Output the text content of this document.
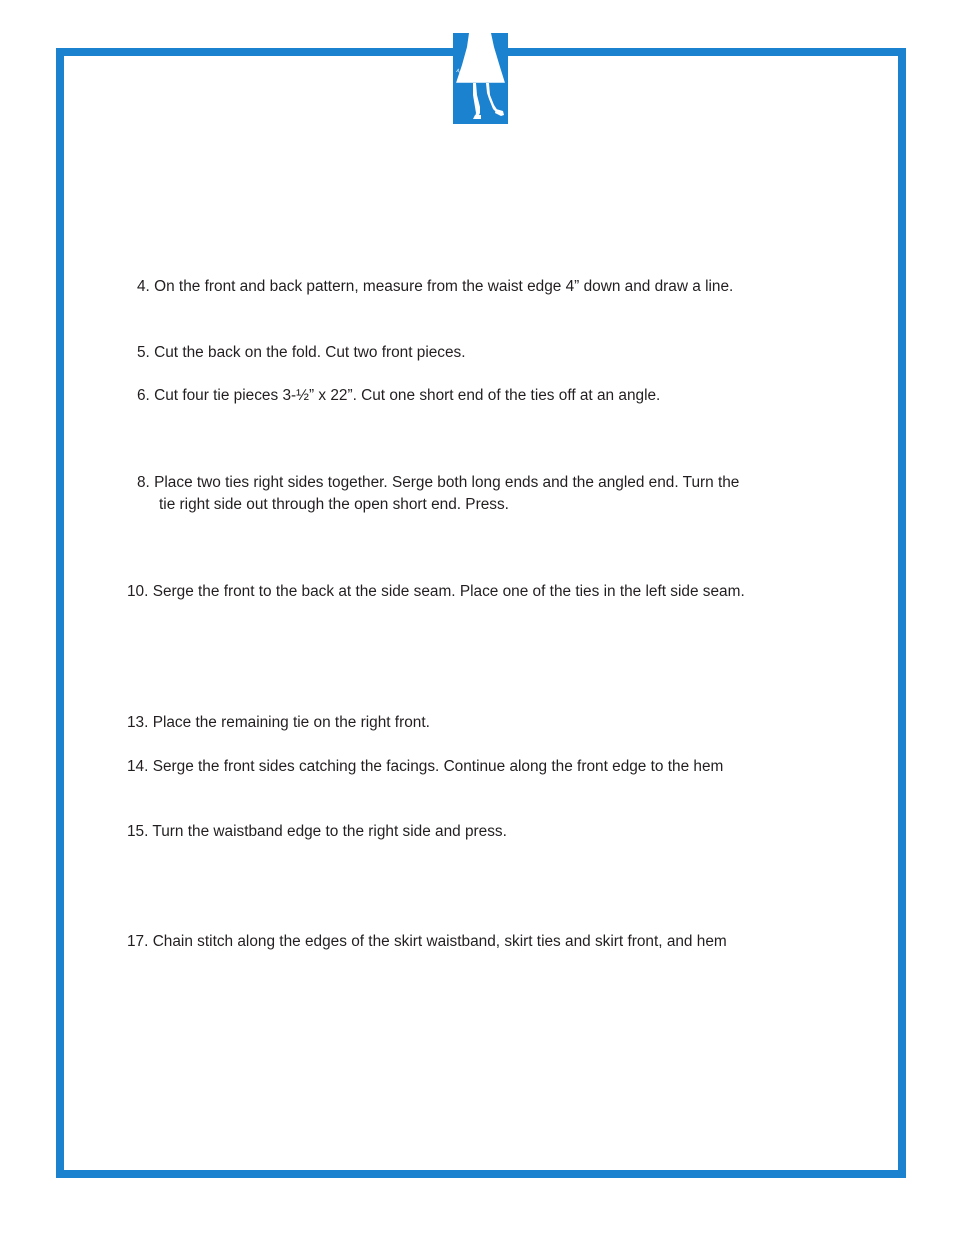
A-LINE SERIES
4. On the front and back pattern, measure from the waist edge 4” down and draw a line.
5. Cut the back on the fold. Cut two front pieces.
6. Cut four tie pieces 3-½” x 22”. Cut one short end of the ties off at an angle.
8. Place two ties right sides together. Serge both long ends and the angled end. Turn the
tie right side out through the open short end. Press.
10. Serge the front to the back at the side seam. Place one of the ties in the left side seam.
13. Place the remaining tie on the right front.
14. Serge the front sides catching the facings. Continue along the front edge to the hem
15. Turn the waistband edge to the right side and press.
17. Chain stitch along the edges of the skirt waistband, skirt ties and skirt front, and hem
